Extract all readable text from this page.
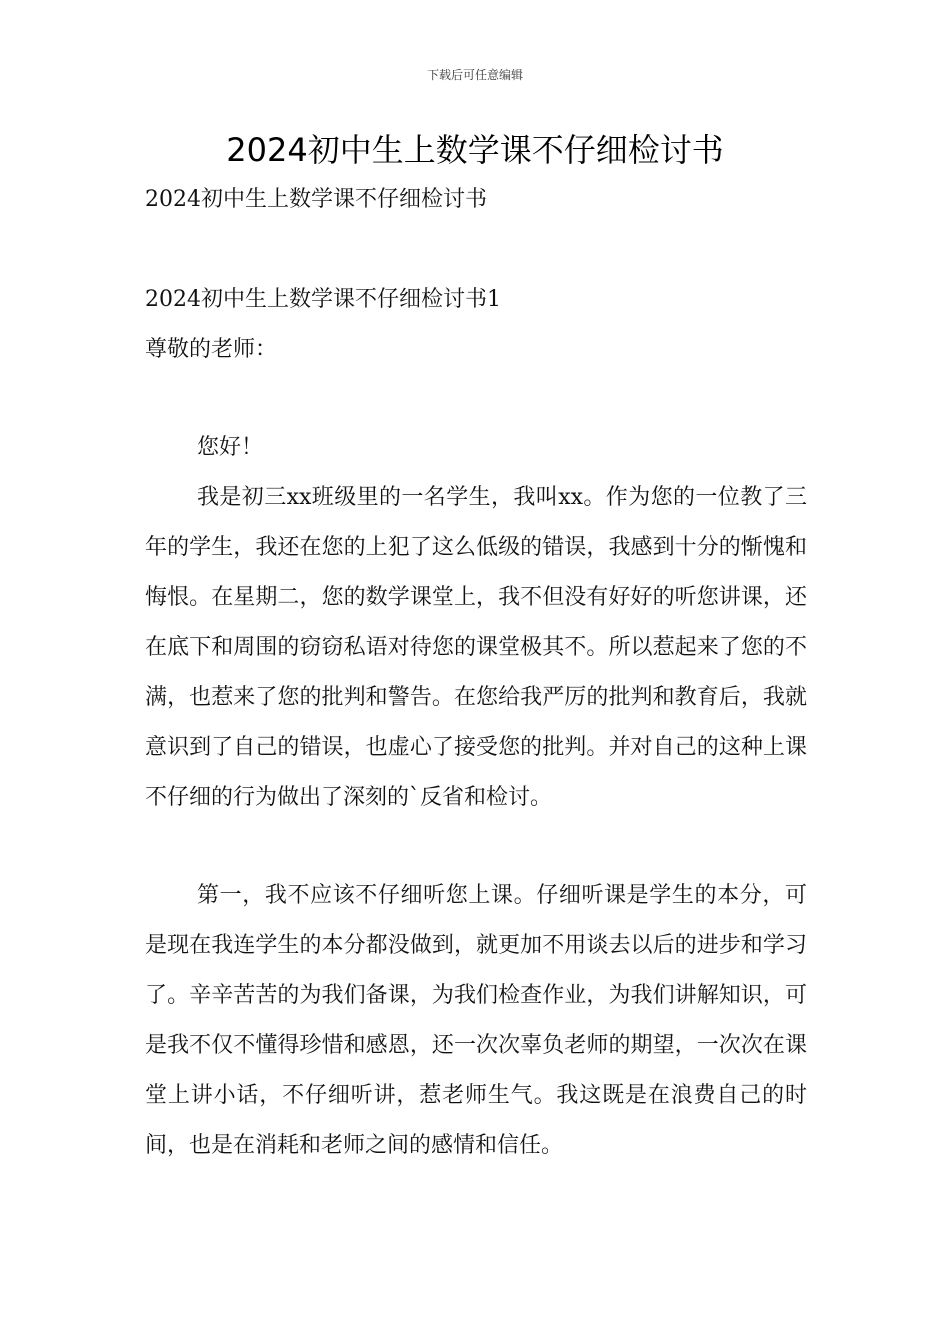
下载后可任意编辑
2024初中生上数学课不仔细检讨书
2024初中生上数学课不仔细检讨书
2024初中生上数学课不仔细检讨书1
尊敬的老师：
您好！

我是初三xx班级里的一名学生，我叫xx。作为您的一位教了三年的学生，我还在您的上犯了这么低级的错误，我感到十分的惭愧和悔恨。在星期二，您的数学课堂上，我不但没有好好的听您讲课，还在底下和周围的窃窃私语对待您的课堂极其不。所以惹起来了您的不满，也惹来了您的批判和警告。在您给我严厉的批判和教育后，我就意识到了自己的错误，也虚心了接受您的批判。并对自己的这种上课不仔细的行为做出了深刻的`反省和检讨。

第一，我不应该不仔细听您上课。仔细听课是学生的本分，可是现在我连学生的本分都没做到，就更加不用谈去以后的进步和学习了。辛辛苦苦的为我们备课，为我们检查作业，为我们讲解知识，可是我不仅不懂得珍惜和感恩，还一次次辜负老师的期望，一次次在课堂上讲小话，不仔细听讲，惹老师生气。我这既是在浪费自己的时间，也是在消耗和老师之间的感情和信任。
